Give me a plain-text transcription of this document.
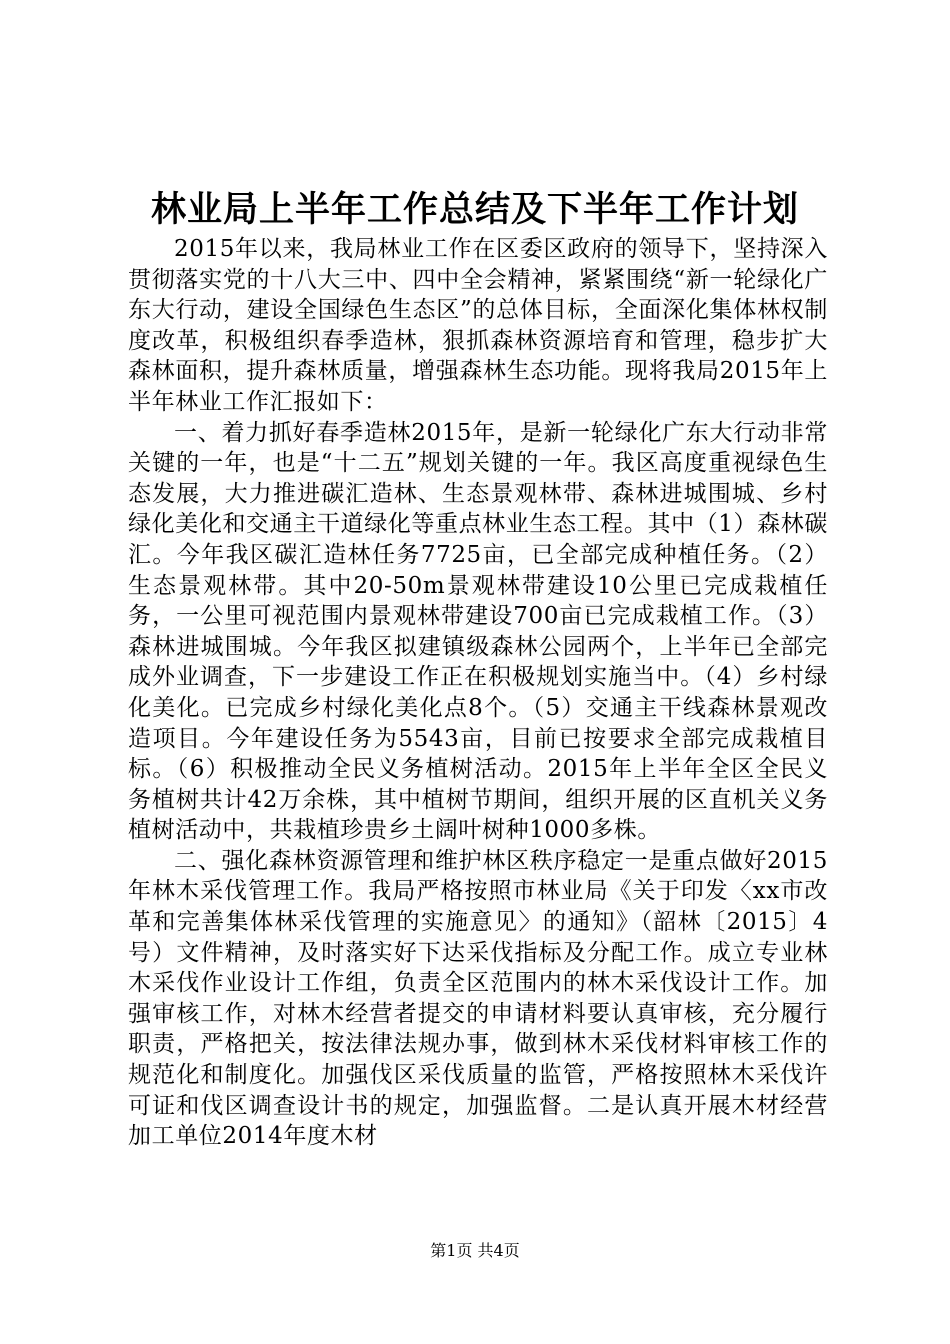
林业局上半年工作总结及下半年工作计划

2015年以来，我局林业工作在区委区政府的领导下，坚持深入贯彻落实党的十八大三中、四中全会精神，紧紧围绕“新一轮绿化广东大行动，建设全国绿色生态区”的总体目标，全面深化集体林权制度改革，积极组织春季造林，狠抓森林资源培育和管理，稳步扩大森林面积，提升森林质量，增强森林生态功能。现将我局2015年上半年林业工作汇报如下：

一、着力抓好春季造林2015年，是新一轮绿化广东大行动非常关键的一年，也是“十二五”规划关键的一年。我区高度重视绿色生态发展，大力推进碳汇造林、生态景观林带、森林进城围城、乡村绿化美化和交通主干道绿化等重点林业生态工程。其中（1）森林碳汇。今年我区碳汇造林任务7725亩，已全部完成种植任务。（2）生态景观林带。其中20-50m景观林带建设10公里已完成栽植任务，一公里可视范围内景观林带建设700亩已完成栽植工作。（3）森林进城围城。今年我区拟建镇级森林公园两个，上半年已全部完成外业调查，下一步建设工作正在积极规划实施当中。（4）乡村绿化美化。已完成乡村绿化美化点8个。（5）交通主干线森林景观改造项目。今年建设任务为5543亩，目前已按要求全部完成栽植目标。（6）积极推动全民义务植树活动。2015年上半年全区全民义务植树共计42万余株，其中植树节期间，组织开展的区直机关义务植树活动中，共栽植珍贵乡土阔叶树种1000多株。

二、强化森林资源管理和维护林区秩序稳定一是重点做好2015年林木采伐管理工作。我局严格按照市林业局《关于印发〈xx市改革和完善集体林采伐管理的实施意见〉的通知》（韶林〔2015〕4号）文件精神，及时落实好下达采伐指标及分配工作。成立专业林木采伐作业设计工作组，负责全区范围内的林木采伐设计工作。加强审核工作，对林木经营者提交的申请材料要认真审核，充分履行职责，严格把关，按法律法规办事，做到林木采伐材料审核工作的规范化和制度化。加强伐区采伐质量的监管，严格按照林木采伐许可证和伐区调查设计书的规定，加强监督。二是认真开展木材经营加工单位2014年度木材

第1页 共4页
